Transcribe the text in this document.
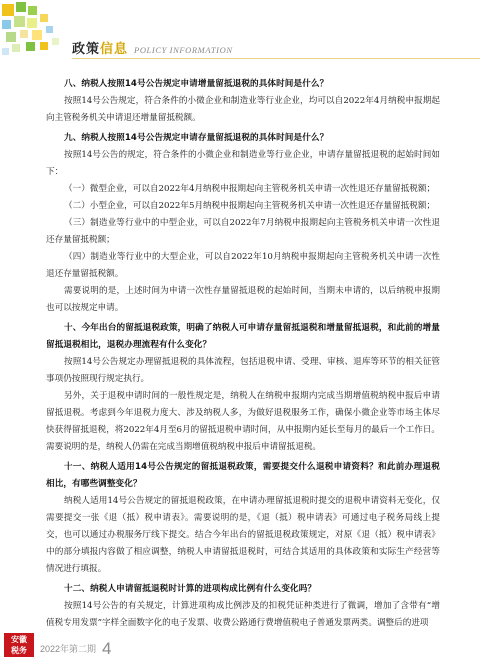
政策 信息 POLICY INFORMATION

八、纳税人按照14号公告规定申请增量留抵退税的具体时间是什么？

按照14号公告规定，符合条件的小微企业和制造业等行业企业，均可以自2022年4月纳税申报期起向主管税务机关申请退还增量留抵税额。

九、纳税人按照14号公告规定申请存量留抵退税的具体时间是什么？

按照14号公告的规定，符合条件的小微企业和制造业等行业企业，申请存量留抵退税的起始时间如下：

（一）微型企业，可以自2022年4月纳税申报期起向主管税务机关申请一次性退还存量留抵税额；

（二）小型企业，可以自2022年5月纳税申报期起向主管税务机关申请一次性退还存量留抵税额；

（三）制造业等行业中的中型企业，可以自2022年7月纳税申报期起向主管税务机关申请一次性退还存量留抵税额；

（四）制造业等行业中的大型企业，可以自2022年10月纳税申报期起向主管税务机关申请一次性退还存量留抵税额。

需要说明的是，上述时间为申请一次性存量留抵退税的起始时间，当期未申请的，以后纳税申报期也可以按规定申请。

十、今年出台的留抵退税政策，明确了纳税人可申请存量留抵退税和增量留抵退税，和此前的增量留抵退税相比，退税办理流程有什么变化？

按照14号公告规定办理留抵退税的具体流程，包括退税申请、受理、审核、退库等环节的相关征管事项仍按照现行规定执行。

另外，关于退税申请时间的一般性规定是，纳税人在纳税申报期内完成当期增值税纳税申报后申请留抵退税。考虑到今年退税力度大、涉及纳税人多，为做好退税服务工作，确保小微企业等市场主体尽快获得留抵退税，将2022年4月至6月的留抵退税申请时间，从申报期内延长至每月的最后一个工作日。需要说明的是，纳税人仍需在完成当期增值税纳税申报后申请留抵退税。

十一、纳税人适用14号公告规定的留抵退税政策，需要提交什么退税申请资料？和此前办理退税相比，有哪些调整变化？

纳税人适用14号公告规定的留抵退税政策，在申请办理留抵退税时提交的退税申请资料无变化，仅需要提交一张《退（抵）税申请表》。需要说明的是，《退（抵）税申请表》可通过电子税务局线上提交，也可以通过办税服务厅线下提交。结合今年出台的留抵退税政策规定，对原《退（抵）税申请表》中的部分填报内容做了相应调整，纳税人申请留抵退税时，可结合其适用的具体政策和实际生产经营等情况进行填报。

十二、纳税人申请留抵退税时计算的进项构成比例有什么变化吗？

按照14号公告的有关规定，计算进项构成比例涉及的扣税凭证种类进行了微调，增加了含带有“增值税专用发票”字样全面数字化的电子发票、收费公路通行费增值税电子普通发票两类。调整后的进项

安徽
税务	2022年第二期 4
